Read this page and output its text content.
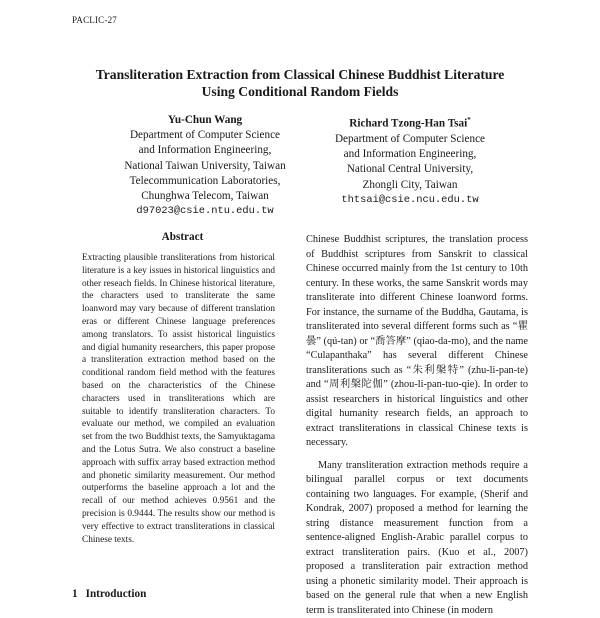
PACLIC-27
Transliteration Extraction from Classical Chinese Buddhist Literature
Using Conditional Random Fields
Yu-Chun Wang
Department of Computer Science
and Information Engineering,
National Taiwan University, Taiwan
Telecommunication Laboratories,
Chunghwa Telecom, Taiwan
d97023@csie.ntu.edu.tw
Richard Tzong-Han Tsai*
Department of Computer Science
and Information Engineering,
National Central University,
Zhongli City, Taiwan
thtsai@csie.ncu.edu.tw
Abstract
Extracting plausible transliterations from historical literature is a key issues in historical linguistics and other reseach fields. In Chinese historical literature, the characters used to transliterate the same loanword may vary because of different translation eras or different Chinese language preferences among translators. To assist historical linguistics and digial humanity researchers, this paper propose a transliteration extraction method based on the conditional random field method with the features based on the characteristics of the Chinese characters used in transliterations which are suitable to identify transliteration characters. To evaluate our method, we compiled an evaluation set from the two Buddhist texts, the Samyuktagama and the Lotus Sutra. We also construct a baseline approach with suffix array based extraction method and phonetic similarity measurement. Our method outperforms the baseline approach a lot and the recall of our method achieves 0.9561 and the precision is 0.9444. The results show our method is very effective to extract transliterations in classical Chinese texts.

Chinese Buddhist scriptures, the translation process of Buddhist scriptures from Sanskrit to classical Chinese occurred mainly from the 1st century to 10th century. In these works, the same Sanskrit words may transliterate into different Chinese loanword forms. For instance, the surname of the Buddha, Gautama, is transliterated into several different forms such as “瞿曇” (qú-tan) or “喬答摩” (qiao-da-mo), and the name “Culapanthaka” has several different Chinese transliterations such as “朱利槃特” (zhu-li-pan-te) and “周利槃陀伽” (zhou-li-pan-tuo-qie). In order to assist researchers in historical linguistics and other digital humanity research fields, an approach to extract transliterations in classical Chinese texts is necessary.

Many transliteration extraction methods require a bilingual parallel corpus or text documents containing two languages. For example, (Sherif and Kondrak, 2007) proposed a method for learning the string distance measurement function from a sentence-aligned English-Arabic parallel corpus to extract transliteration pairs. (Kuo et al., 2007) proposed a transliteration pair extraction method using a phonetic similarity model. Their approach is based on the general rule that when a new English term is transliterated into Chinese (in modern

1 Introduction
